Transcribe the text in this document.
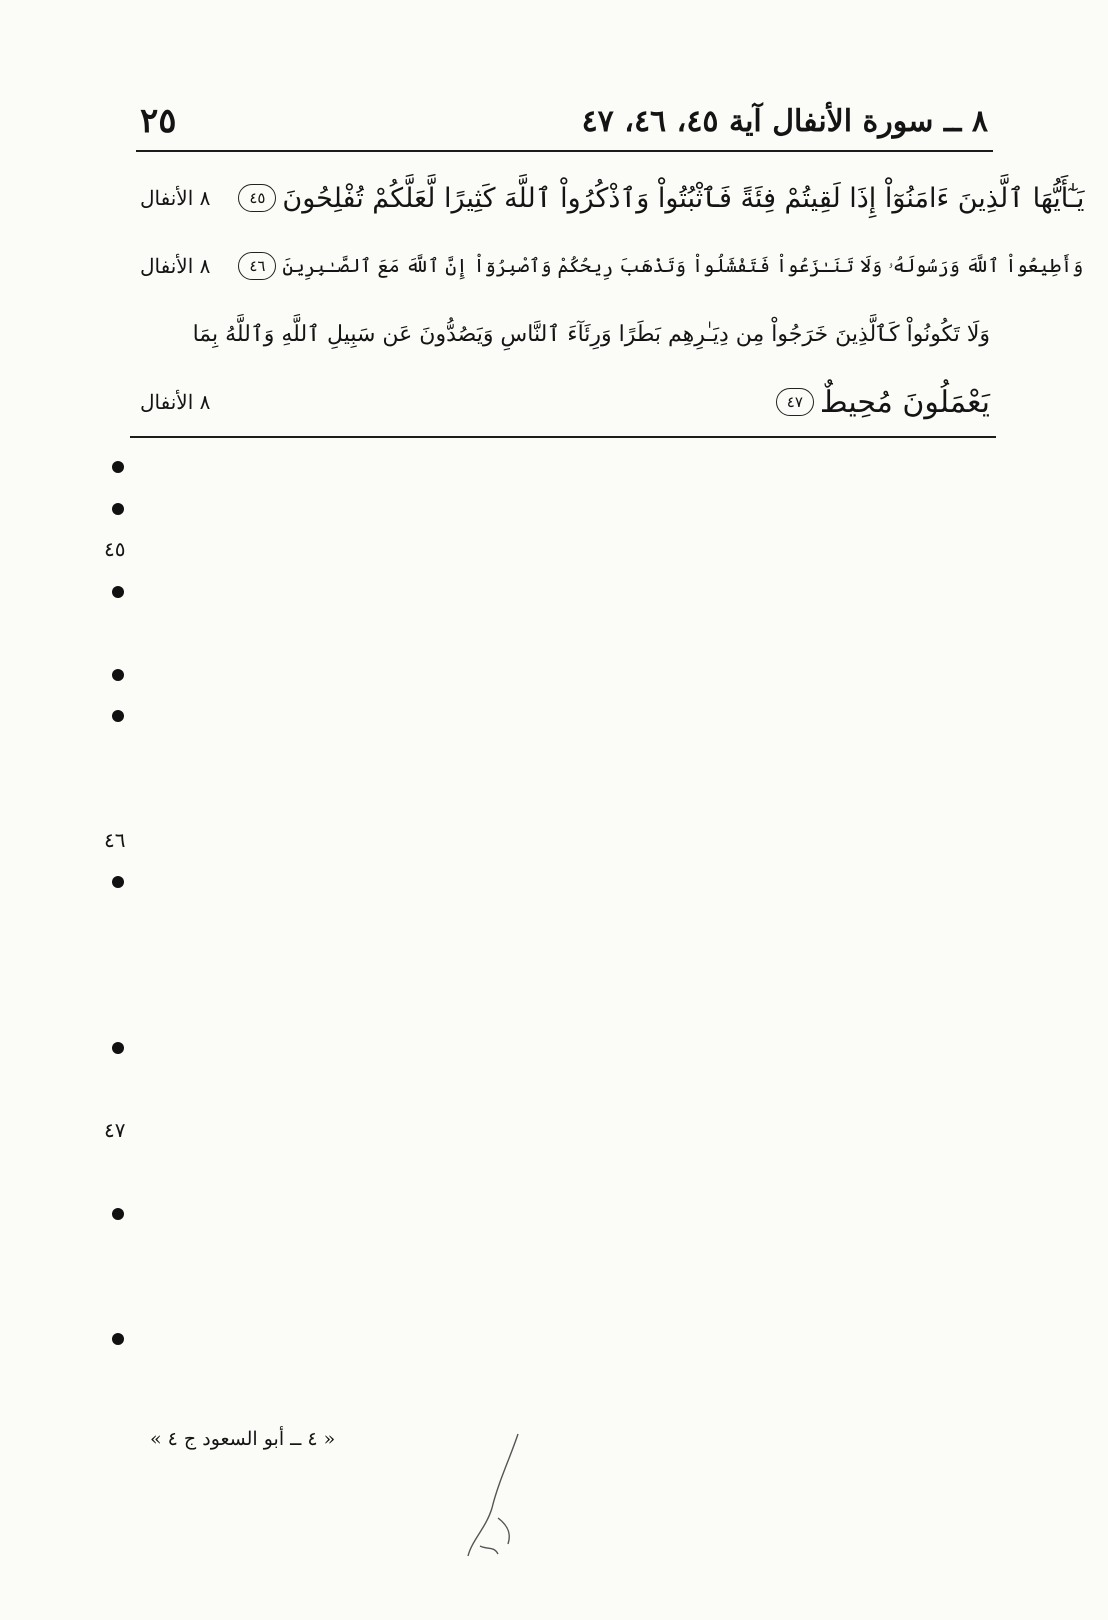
٢٥	٨ ــ سورة الأنفال آية ٤٥، ٤٦، ٤٧
يَـٰٓأَيُّهَا ٱلَّذِينَ ءَامَنُوٓاْ إِذَا لَقِيتُمْ فِئَةً فَٱثْبُتُواْ وَٱذْكُرُواْ ٱللَّهَ كَثِيرًا لَّعَلَّكُمْ تُفْلِحُونَ
٤٥
٨ الأنفال
وَأَطِيعُواْ ٱللَّهَ وَرَسُولَهُۥ وَلَا تَنَـٰزَعُواْ فَتَفْشَلُواْ وَتَذْهَبَ رِيحُكُمْ وَٱصْبِرُوٓاْ إِنَّ ٱللَّهَ مَعَ ٱلصَّـٰبِرِينَ
٤٦
٨ الأنفال
وَلَا تَكُونُواْ كَٱلَّذِينَ خَرَجُواْ مِن دِيَـٰرِهِم بَطَرًا وَرِئَآءَ ٱلنَّاسِ وَيَصُدُّونَ عَن سَبِيلِ ٱللَّهِ وَٱللَّهُ بِمَا
يَعْمَلُونَ مُحِيطٌ
٤٧
٨ الأنفال
٤٥
٤٦
٤٧
« ٤ ــ أبو السعود ج ٤ »
